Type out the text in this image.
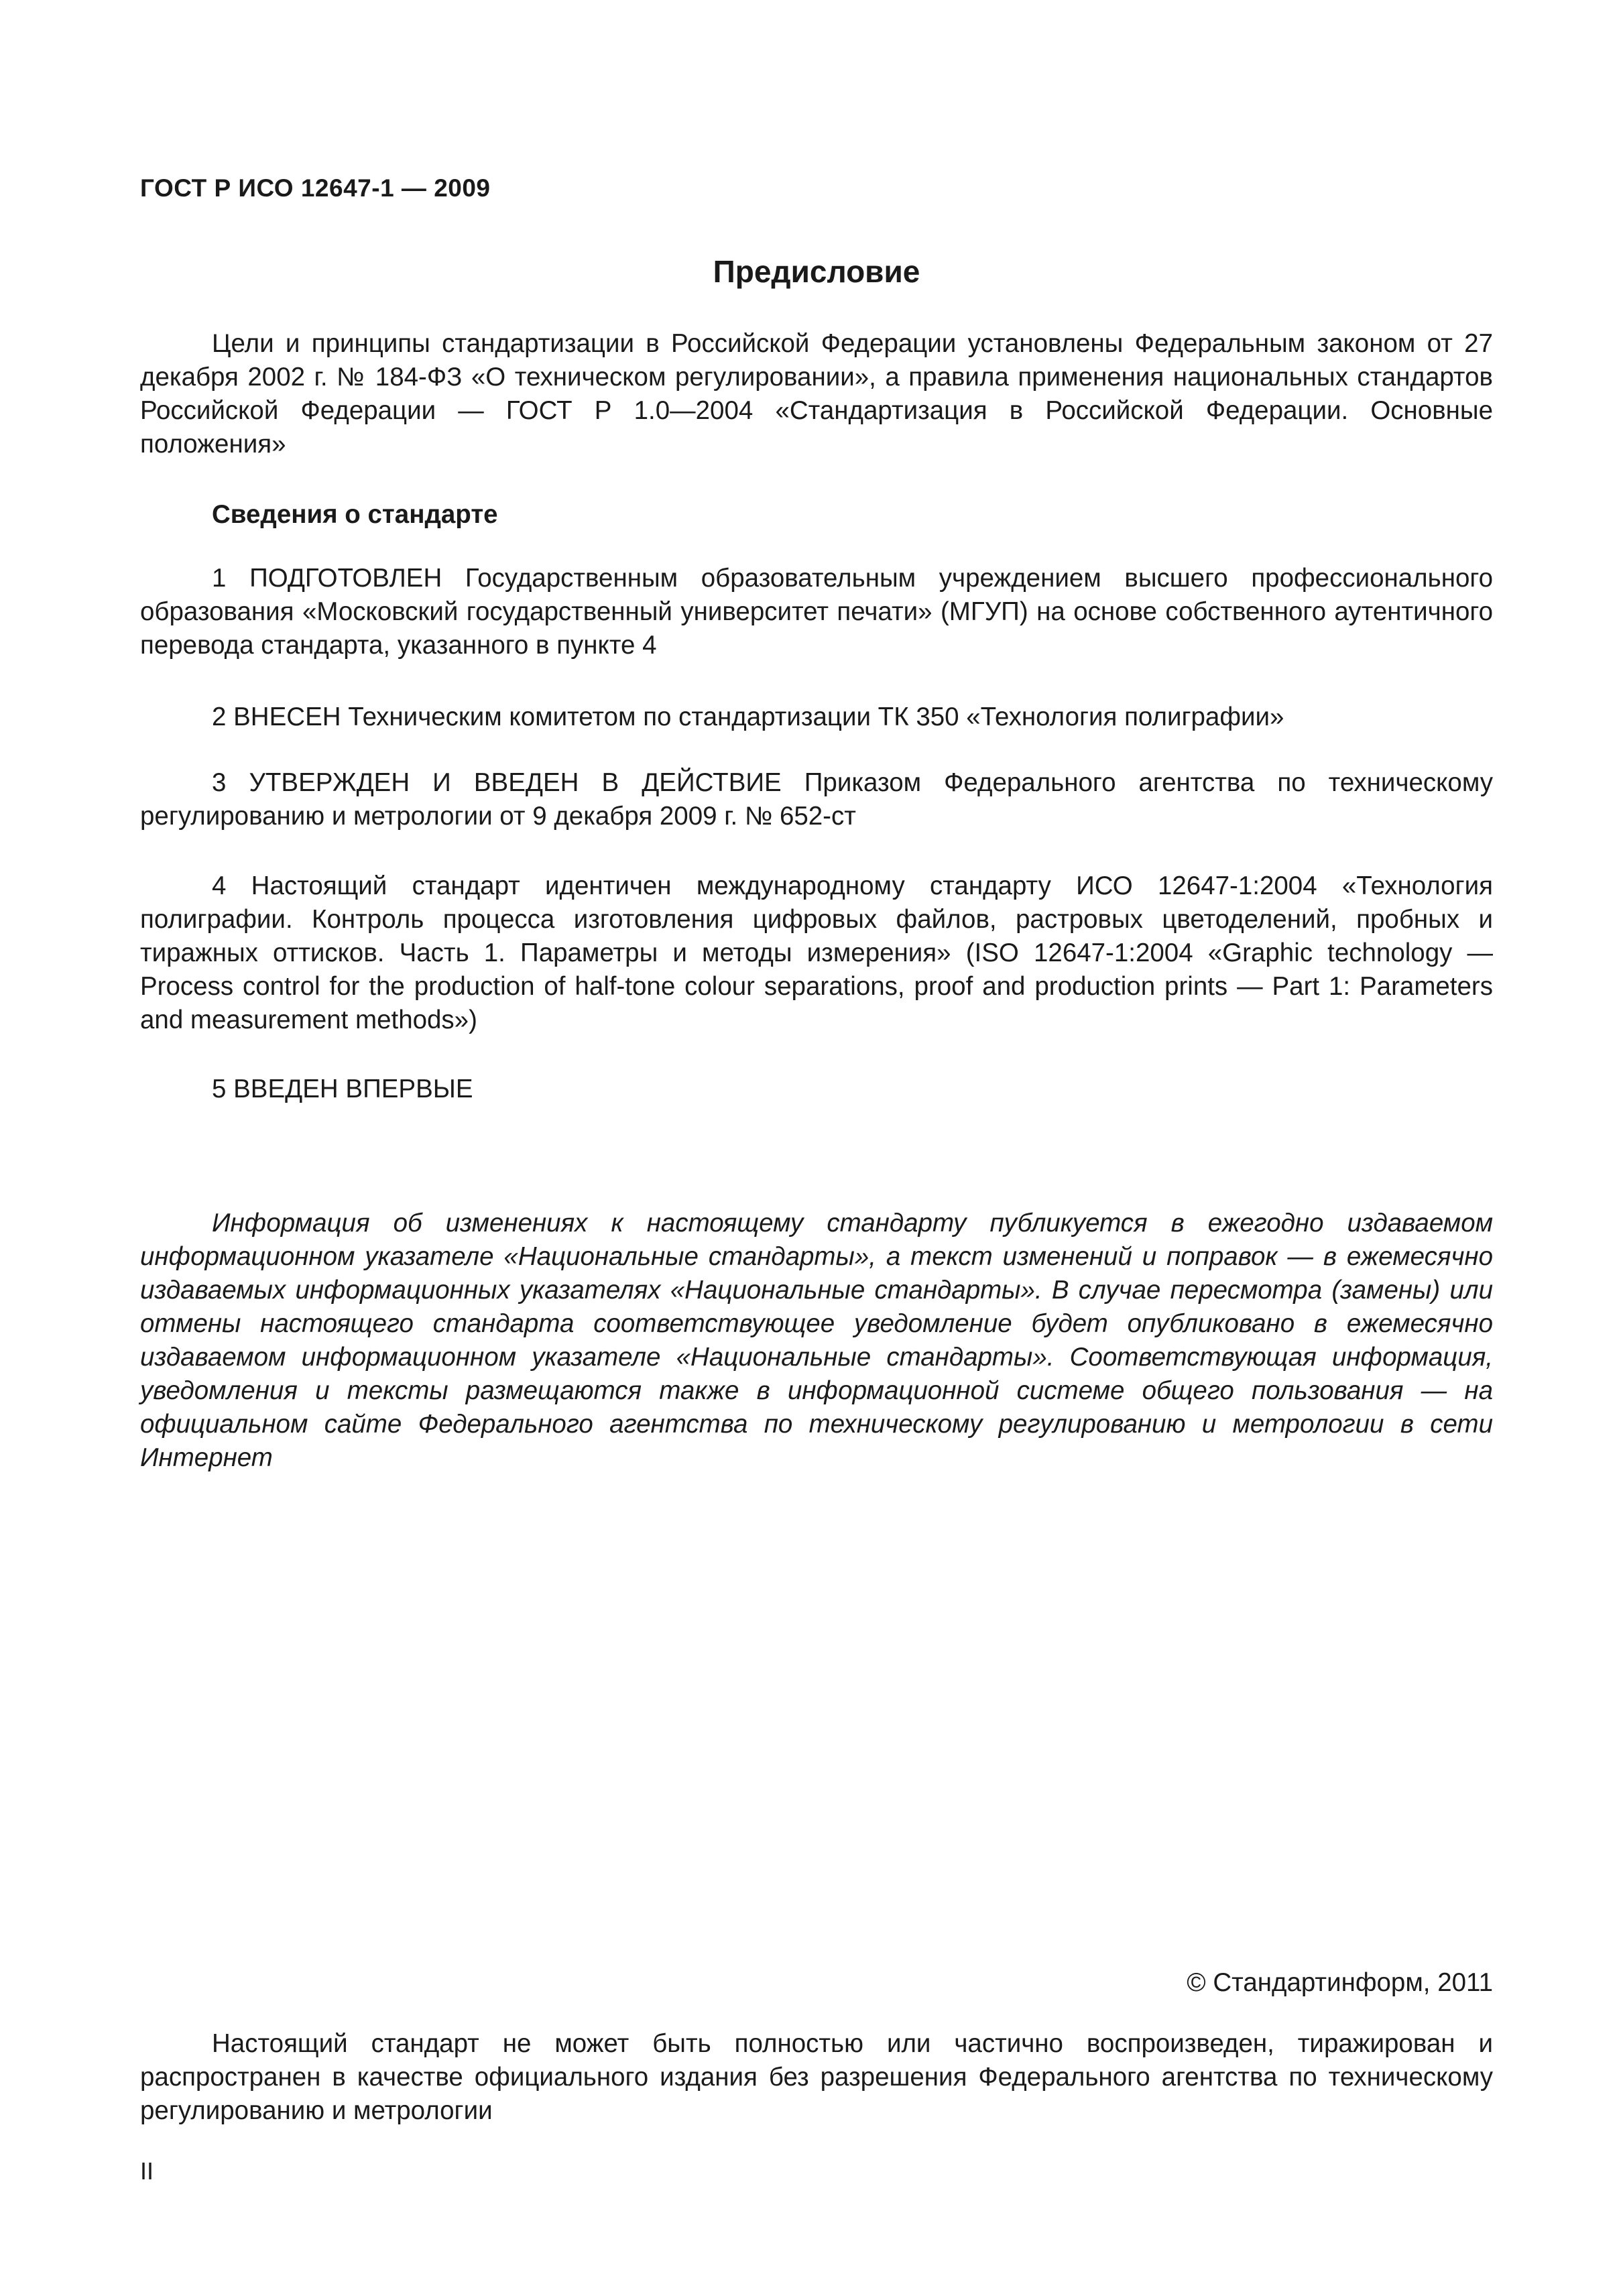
ГОСТ Р ИСО 12647-1 — 2009
Предисловие

Цели и принципы стандартизации в Российской Федерации установлены Федеральным законом от 27 декабря 2002 г. № 184-ФЗ «О техническом регулировании», а правила применения национальных стандартов Российской Федерации — ГОСТ Р 1.0—2004 «Стандартизация в Российской Федерации. Основные положения»

Сведения о стандарте

1 ПОДГОТОВЛЕН Государственным образовательным учреждением высшего профессионального образования «Московский государственный университет печати» (МГУП) на основе собственного аутентичного перевода стандарта, указанного в пункте 4

2 ВНЕСЕН Техническим комитетом по стандартизации ТК 350 «Технология полиграфии»

3 УТВЕРЖДЕН И ВВЕДЕН В ДЕЙСТВИЕ Приказом Федерального агентства по техническому регулированию и метрологии от 9 декабря 2009 г. № 652-ст

4 Настоящий стандарт идентичен международному стандарту ИСО 12647-1:2004 «Технология полиграфии. Контроль процесса изготовления цифровых файлов, растровых цветоделений, пробных и тиражных оттисков. Часть 1. Параметры и методы измерения» (ISO 12647-1:2004 «Graphic technology — Process control for the production of half-tone colour separations, proof and production prints — Part 1: Parameters and measurement methods»)

5 ВВЕДЕН ВПЕРВЫЕ

Информация об изменениях к настоящему стандарту публикуется в ежегодно издаваемом информационном указателе «Национальные стандарты», а текст изменений и поправок — в ежемесячно издаваемых информационных указателях «Национальные стандарты». В случае пересмотра (замены) или отмены настоящего стандарта соответствующее уведомление будет опубликовано в ежемесячно издаваемом информационном указателе «Национальные стандарты». Соответствующая информация, уведомления и тексты размещаются также в информационной системе общего пользования — на официальном сайте Федерального агентства по техническому регулированию и метрологии в сети Интернет

© Стандартинформ, 2011

Настоящий стандарт не может быть полностью или частично воспроизведен, тиражирован и распространен в качестве официального издания без разрешения Федерального агентства по техническому регулированию и метрологии

II
